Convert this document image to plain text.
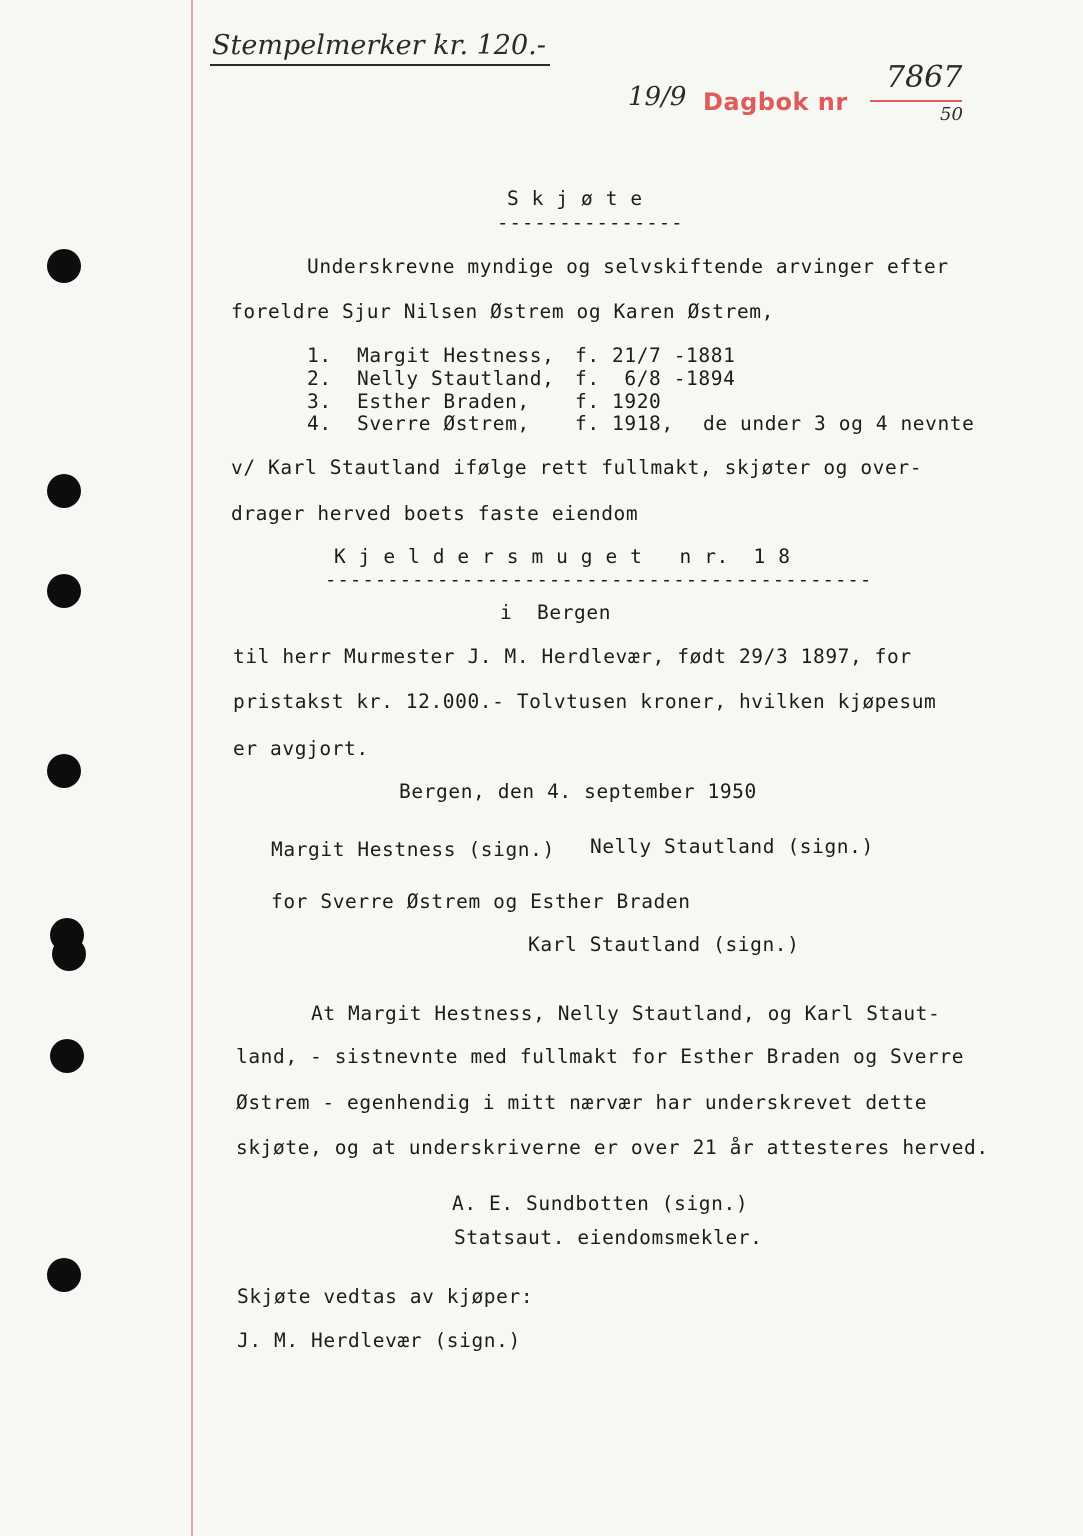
Stempelmerker kr. 120.-
19/9 Dagbok nr
7867
50
S k j ø t e
---------------
Underskrevne myndige og selvskiftende arvinger efter
foreldre Sjur Nilsen Østrem og Karen Østrem,
1. Margit Hestness, f. 21/7 -1881
2. Nelly Stautland, f.  6/8 -1894
3. Esther Braden, f. 1920
4. Sverre Østrem, f. 1918, de under 3 og 4 nevnte
v/ Karl Stautland ifølge rett fullmakt, skjøter og over-
drager herved boets faste eiendom
K j e l d e r s m u g e t   n r.  1 8
--------------------------------------------
i  Bergen
til herr Murmester J. M. Herdlevær, født 29/3 1897, for
pristakst kr. 12.000.- Tolvtusen kroner, hvilken kjøpesum
er avgjort.
Bergen, den 4. september 1950
Margit Hestness (sign.) Nelly Stautland (sign.)
for Sverre Østrem og Esther Braden
Karl Stautland (sign.)
At Margit Hestness, Nelly Stautland, og Karl Staut-
land, - sistnevnte med fullmakt for Esther Braden og Sverre
Østrem - egenhendig i mitt nærvær har underskrevet dette
skjøte, og at underskriverne er over 21 år attesteres herved.
A. E. Sundbotten (sign.)
Statsaut. eiendomsmekler.
Skjøte vedtas av kjøper:
J. M. Herdlevær (sign.)
